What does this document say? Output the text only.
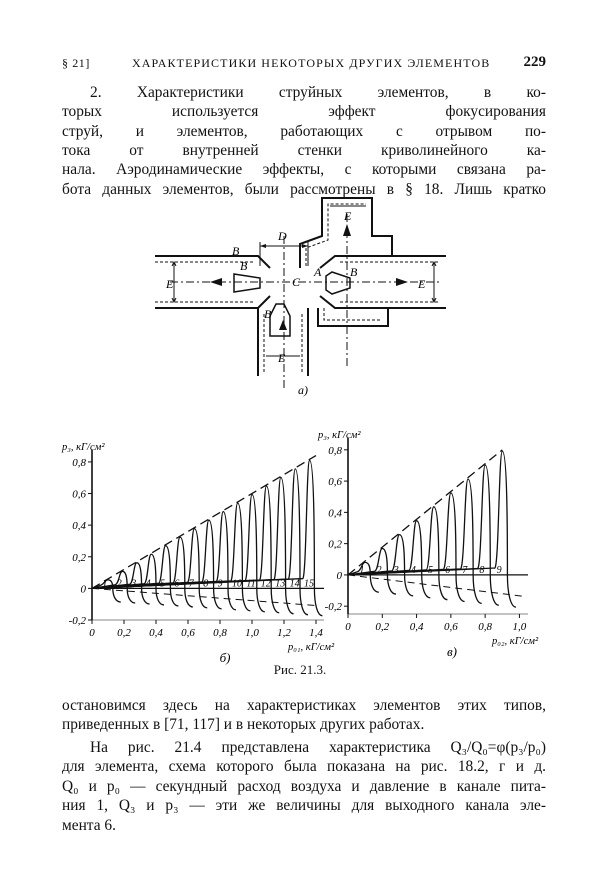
§ 21]	ХАРАКТЕРИСТИКИ НЕКОТОРЫХ ДРУГИХ ЭЛЕМЕНТОВ 229
2. Характеристики струйных элементов, в ко-
торых используется эффект фокусирования
струй, и элементов, работающих с отрывом по-
тока от внутренней стенки криволинейного ка-
нала. Аэродинамические эффекты, с которыми связана ра-
бота данных элементов, были рассмотрены в § 18. Лишь кратко
E	E
E
E
B
B
B
B
D
A
C
a)
0,8
0,6
0,4
0,2
0
-0,2
0 0,2 0,4 0,6 0,8 1,0 1,2 1,4
1 2 3 4 5 6 7 8 9 10 11 12 13 14 15
p₃, кГ/см²
p₀₁, кГ/см²
б)
0,8
0,6
0,4
0,2
0
-0,2
0 0,2 0,4 0,6 0,8 1,0
1 2 3 4 5 6 7 8 9
p₃, кГ/см²
p₀₂, кГ/см²
в)
Рис. 21.3.
остановимся здесь на характеристиках элементов этих типов,
приведенных в [71, 117] и в некоторых других работах.
На рис. 21.4 представлена характеристика Q₃/Q₀=φ(p₃/p₀)
для элемента, схема которого была показана на рис. 18.2, г и д.
Q₀ и p₀ — секундный расход воздуха и давление в канале пита-
ния 1, Q₃ и p₃ — эти же величины для выходного канала эле-
мента 6.
